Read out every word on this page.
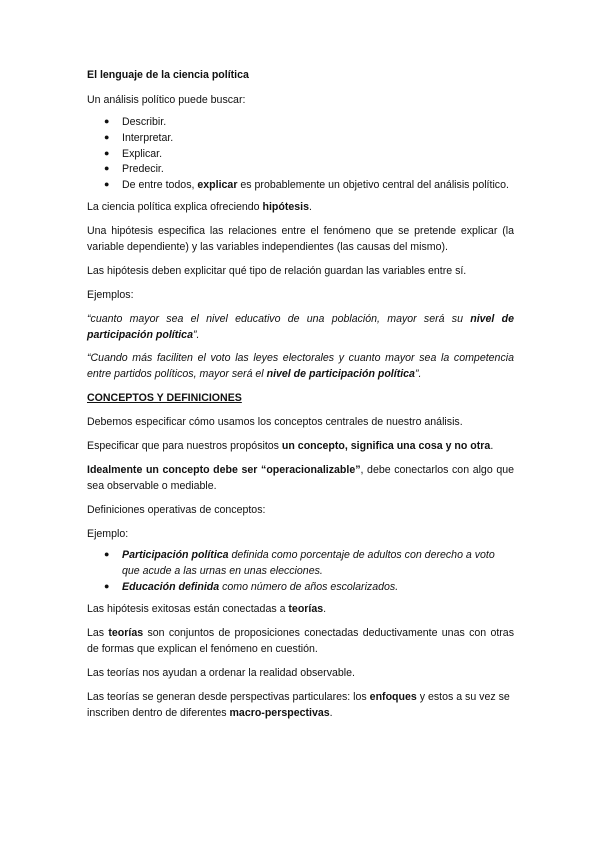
El lenguaje de la ciencia política

Un análisis político puede buscar:

● Describir.
● Interpretar.
● Explicar.
● Predecir.
● De entre todos, explicar es probablemente un objetivo central del análisis político.

La ciencia política explica ofreciendo hipótesis.

Una hipótesis especifica las relaciones entre el fenómeno que se pretende explicar (la variable dependiente) y las variables independientes (las causas del mismo).

Las hipótesis deben explicitar qué tipo de relación guardan las variables entre sí.

Ejemplos:

“cuanto mayor sea el nivel educativo de una población, mayor será su nivel de participación política”.

“Cuando más faciliten el voto las leyes electorales y cuanto mayor sea la competencia entre partidos políticos, mayor será el nivel de participación política”.

CONCEPTOS Y DEFINICIONES

Debemos especificar cómo usamos los conceptos centrales de nuestro análisis.

Especificar que para nuestros propósitos un concepto, significa una cosa y no otra.

Idealmente un concepto debe ser “operacionalizable”, debe conectarlos con algo que sea observable o mediable.

Definiciones operativas de conceptos:

Ejemplo:

● Participación política definida como porcentaje de adultos con derecho a voto que acude a las urnas en unas elecciones.
● Educación definida como número de años escolarizados.

Las hipótesis exitosas están conectadas a teorías.

Las teorías son conjuntos de proposiciones conectadas deductivamente unas con otras de formas que explican el fenómeno en cuestión.

Las teorías nos ayudan a ordenar la realidad observable.

Las teorías se generan desde perspectivas particulares: los enfoques y estos a su vez se inscriben dentro de diferentes macro-perspectivas.
